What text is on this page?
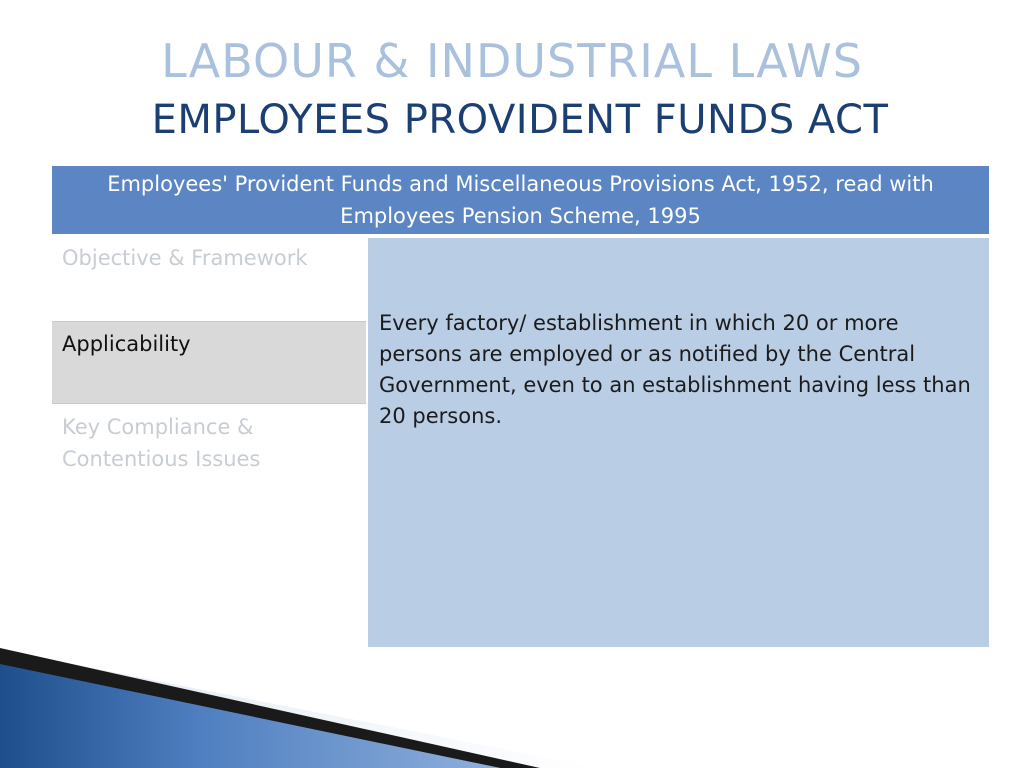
LABOUR & INDUSTRIAL LAWS
EMPLOYEES PROVIDENT FUNDS ACT
Employees' Provident Funds and Miscellaneous Provisions Act, 1952, read with Employees Pension Scheme, 1995
Objective & Framework
Applicability
Key Compliance & Contentious Issues
Every factory/ establishment in which 20 or more persons are employed or as notified by the Central Government, even to an establishment having less than 20 persons.
